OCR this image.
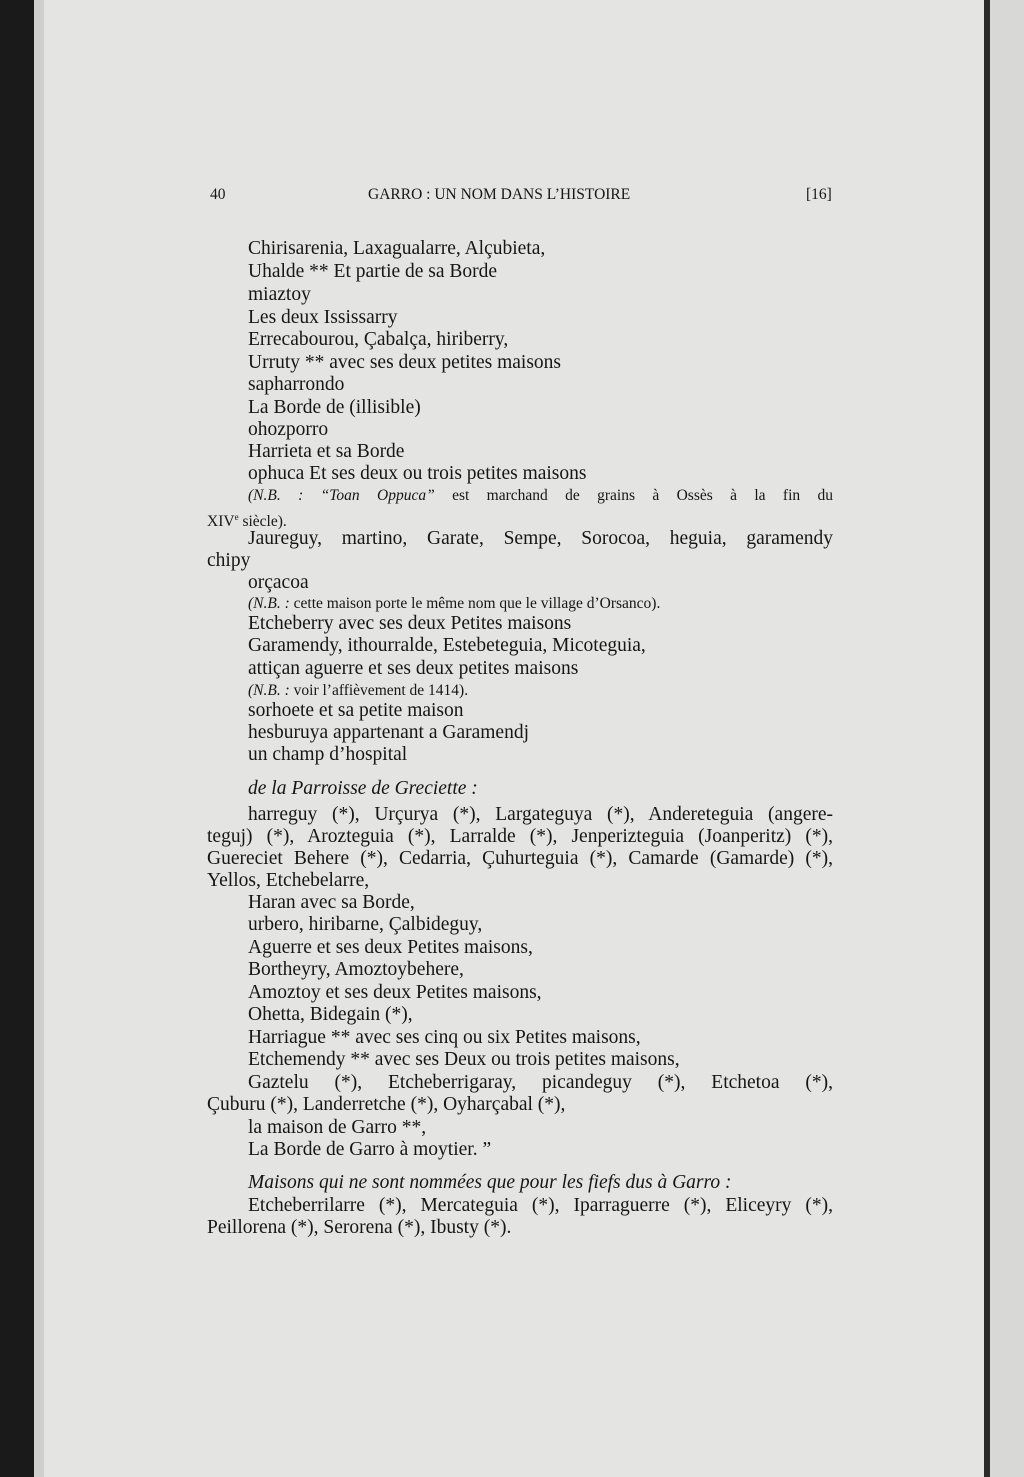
40	GARRO : UN NOM DANS L’HISTOIRE	[16]
Chirisarenia, Laxagualarre, Alçubieta,
Uhalde ** Et partie de sa Borde
miaztoy
Les deux Ississarry
Errecabourou, Çabalça, hiriberry,
Urruty ** avec ses deux petites maisons
sapharrondo
La Borde de (illisible)
ohozporro
Harrieta et sa Borde
ophuca Et ses deux ou trois petites maisons
(N.B. : “Toan Oppuca” est marchand de grains à Ossès à la fin du
XIVe siècle).
Jaureguy, martino, Garate, Sempe, Sorocoa, heguia, garamendy
chipy
orçacoa
(N.B. : cette maison porte le même nom que le village d’Orsanco).
Etcheberry avec ses deux Petites maisons
Garamendy, ithourralde, Estebeteguia, Micoteguia,
attiçan aguerre et ses deux petites maisons
(N.B. : voir l’affièvement de 1414).
sorhoete et sa petite maison
hesburuya appartenant a Garamendj
un champ d’hospital
de la Parroisse de Greciette :
harreguy (*), Urçurya (*), Largateguya (*), Andereteguia (angere-
teguj) (*), Arozteguia (*), Larralde (*), Jenperizteguia (Joanperitz) (*),
Guereciet Behere (*), Cedarria, Çuhurteguia (*), Camarde (Gamarde) (*),
Yellos, Etchebelarre,
Haran avec sa Borde,
urbero, hiribarne, Çalbideguy,
Aguerre et ses deux Petites maisons,
Bortheyry, Amoztoybehere,
Amoztoy et ses deux Petites maisons,
Ohetta, Bidegain (*),
Harriague ** avec ses cinq ou six Petites maisons,
Etchemendy ** avec ses Deux ou trois petites maisons,
Gaztelu (*), Etcheberrigaray, picandeguy (*), Etchetoa (*),
Çuburu (*), Landerretche (*), Oyharçabal (*),
la maison de Garro **,
La Borde de Garro à moytier. ”
Maisons qui ne sont nommées que pour les fiefs dus à Garro :
Etcheberrilarre (*), Mercateguia (*), Iparraguerre (*), Eliceyry (*),
Peillorena (*), Serorena (*), Ibusty (*).
